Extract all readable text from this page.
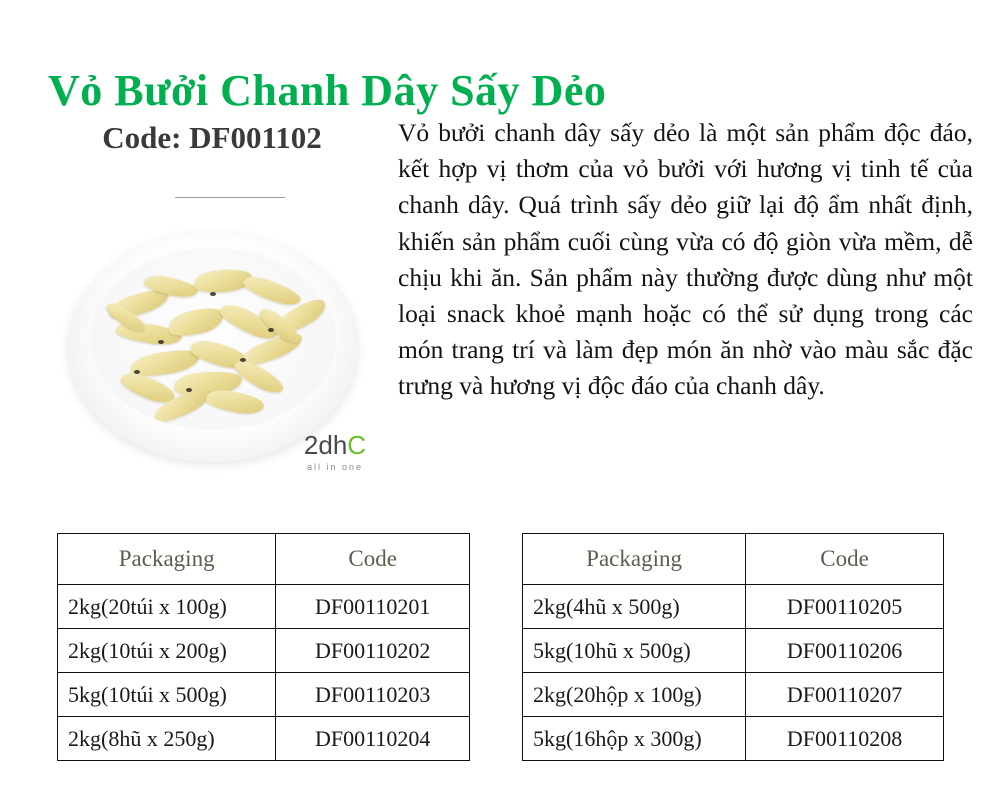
Vỏ Bưởi Chanh Dây Sấy Dẻo
Code: DF001102
2dhC
all in one
Vỏ bưởi chanh dây sấy dẻo là một sản phẩm độc đáo, kết hợp vị thơm của vỏ bưởi với hương vị tinh tế của chanh dây. Quá trình sấy dẻo giữ lại độ ẩm nhất định, khiến sản phẩm cuối cùng vừa có độ giòn vừa mềm, dễ chịu khi ăn. Sản phẩm này thường được dùng như một loại snack khoẻ mạnh hoặc có thể sử dụng trong các món trang trí và làm đẹp món ăn nhờ vào màu sắc đặc trưng và hương vị độc đáo của chanh dây.
Packaging	Code
2kg(20túi x 100g)	DF00110201
2kg(10túi x 200g)	DF00110202
5kg(10túi x 500g)	DF00110203
2kg(8hũ x 250g)	DF00110204
Packaging	Code
2kg(4hũ x 500g)	DF00110205
5kg(10hũ x 500g)	DF00110206
2kg(20hộp x 100g)	DF00110207
5kg(16hộp x 300g)	DF00110208
